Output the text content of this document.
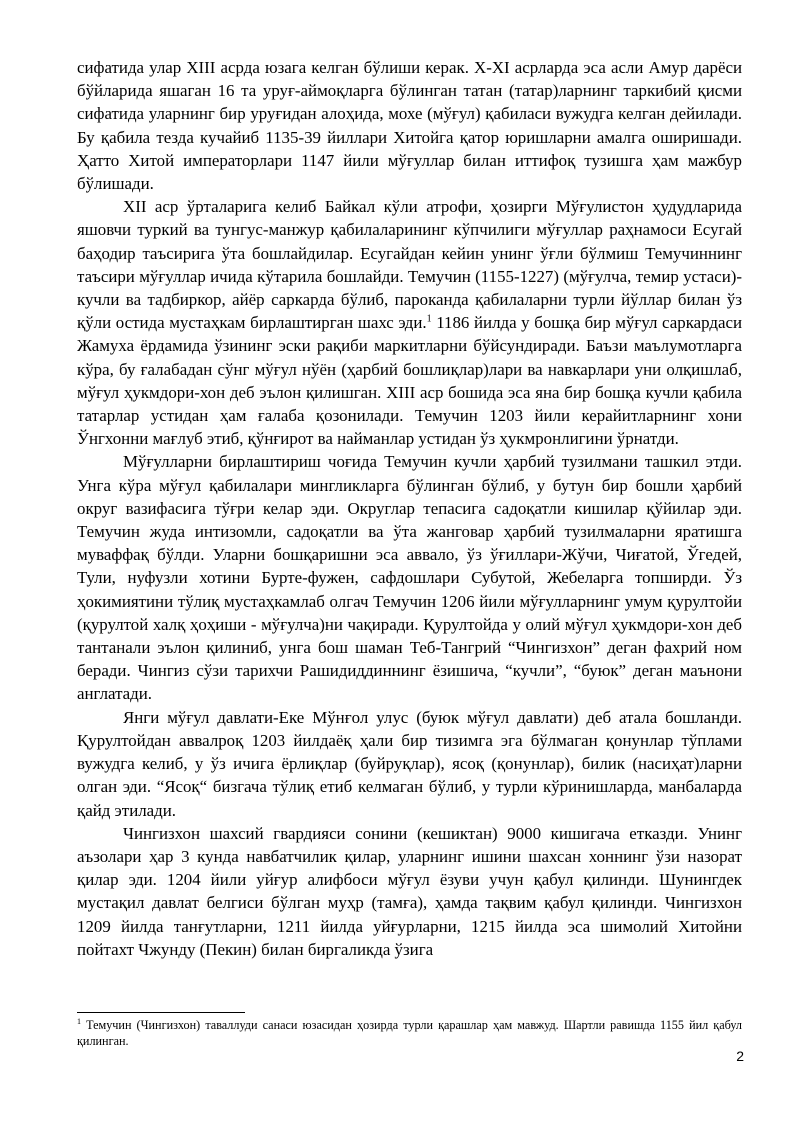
сифатида улар XIII асрда юзага келган бўлиши керак. X-XI асрларда эса асли Амур дарёси бўйларида яшаган 16 та уруғ-аймоқларга бўлинган татан (татар)ларнинг таркибий қисми сифатида уларнинг бир уруғидан алоҳида, мохе (мўғул) қабиласи вужудга келган дейилади. Бу қабила тезда кучайиб 1135-39 йиллари Хитойга қатор юришларни амалга оширишади. Ҳатто Хитой императорлари 1147 йили мўғуллар билан иттифоқ тузишга ҳам мажбур бўлишади.

XII аср ўрталарига келиб Байкал кўли атрофи, ҳозирги Мўғулистон ҳудудларида яшовчи туркий ва тунгус-манжур қабилаларининг кўпчилиги мўғуллар раҳнамоси Есугай баҳодир таъсирига ўта бошлайдилар. Есугайдан кейин унинг ўғли бўлмиш Темучиннинг таъсири мўғуллар ичида кўтарила бошлайди. Темучин (1155-1227) (мўғулча, темир устаси)-кучли ва тадбиркор, айёр саркарда бўлиб, пароканда қабилаларни турли йўллар билан ўз қўли остида мустаҳкам бирлаштирган шахс эди.$^1$ 1186 йилда у бошқа бир мўғул саркардаси Жамуха ёрдамида ўзининг эски рақиби маркитларни бўйсундиради. Баъзи маълумотларга кўра, бу ғалабадан сўнг мўғул нўён (ҳарбий бошлиқлар)лари ва навкарлари уни олқишлаб, мўғул ҳукмдори-хон деб эълон қилишган. XIII аср бошида эса яна бир бошқа кучли қабила татарлар устидан ҳам ғалаба қозонилади. Темучин 1203 йили керайитларнинг хони Ўнгхонни мағлуб этиб, қўнғирот ва найманлар устидан ўз ҳукмронлигини ўрнатди.

Мўғулларни бирлаштириш чоғида Темучин кучли ҳарбий тузилмани ташкил этди. Унга кўра мўғул қабилалари мингликларга бўлинган бўлиб, у бутун бир бошли ҳарбий округ вазифасига тўғри келар эди. Округлар тепасига садоқатли кишилар қўйилар эди. Темучин жуда интизомли, садоқатли ва ўта жанговар ҳарбий тузилмаларни яратишга муваффақ бўлди. Уларни бошқаришни эса аввало, ўз ўғиллари-Жўчи, Чиғатой, Ўгедей, Тули, нуфузли хотини Бурте-фужен, сафдошлари Субутой, Жебеларга топширди. Ўз ҳокимиятини тўлиқ мустаҳкамлаб олгач Темучин 1206 йили мўғулларнинг умум қурултойи (қурултой халқ ҳоҳиши - мўғулча)ни чақиради. Қурултойда у олий мўғул ҳукмдори-хон деб тантанали эълон қилиниб, унга бош шаман Теб-Тангрий “Чингизхон” деган фахрий ном беради. Чингиз сўзи тарихчи Рашидиддиннинг ёзишича, “кучли”, “буюк” деган маънони англатади.

Янги мўғул давлати-Еке Мўнғол улус (буюк мўғул давлати) деб атала бошланди. Қурултойдан аввалроқ 1203 йилдаёқ ҳали бир тизимга эга бўлмаган қонунлар тўплами вужудга келиб, у ўз ичига ёрлиқлар (буйруқлар), ясоқ (қонунлар), билик (насиҳат)ларни олган эди. “Ясоқ“ бизгача тўлиқ етиб келмаган бўлиб, у турли кўринишларда, манбаларда қайд этилади.

Чингизхон шахсий гвардияси сонини (кешиктан) 9000 кишигача етказди. Унинг аъзолари ҳар 3 кунда навбатчилик қилар, уларнинг ишини шахсан хоннинг ўзи назорат қилар эди. 1204 йили уйғур алифбоси мўғул ёзуви учун қабул қилинди. Шунингдек мустақил давлат белгиси бўлган муҳр (тамға), ҳамда тақвим қабул қилинди. Чингизхон 1209 йилда танғутларни, 1211 йилда уйғурларни, 1215 йилда эса шимолий Хитойни пойтахт Чжунду (Пекин) билан биргаликда ўзига

$^1$ Темучин (Чингизхон) таваллуди санаси юзасидан ҳозирда турли қарашлар ҳам мавжуд. Шартли равишда 1155 йил қабул қилинган.
2
